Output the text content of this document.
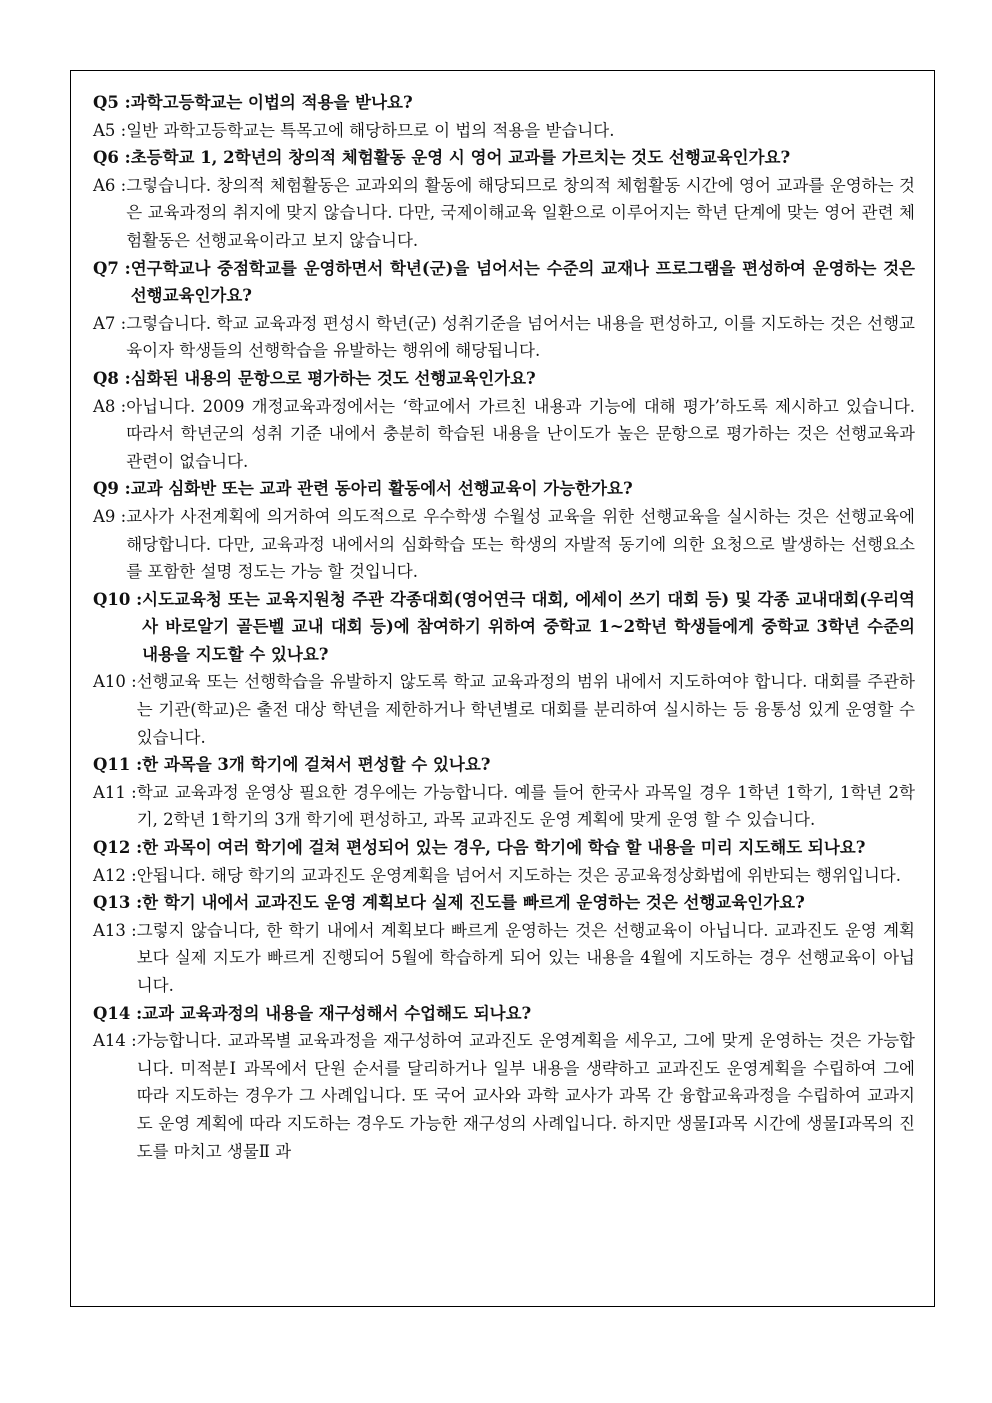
Q5 : 과학고등학교는 이법의 적용을 받나요?
A5 : 일반 과학고등학교는 특목고에 해당하므로 이 법의 적용을 받습니다.
Q6 : 초등학교 1, 2학년의 창의적 체험활동 운영 시 영어 교과를 가르치는 것도 선행교육인가요?
A6 : 그렇습니다. 창의적 체험활동은 교과외의 활동에 해당되므로 창의적 체험활동 시간에 영어 교과를 운영하는 것은 교육과정의 취지에 맞지 않습니다. 다만, 국제이해교육 일환으로 이루어지는 학년 단계에 맞는 영어 관련 체험활동은 선행교육이라고 보지 않습니다.
Q7 : 연구학교나 중점학교를 운영하면서 학년(군)을 넘어서는 수준의 교재나 프로그램을 편성하여 운영하는 것은 선행교육인가요?
A7 : 그렇습니다. 학교 교육과정 편성시 학년(군) 성취기준을 넘어서는 내용을 편성하고, 이를 지도하는 것은 선행교육이자 학생들의 선행학습을 유발하는 행위에 해당됩니다.
Q8 : 심화된 내용의 문항으로 평가하는 것도 선행교육인가요?
A8 : 아닙니다. 2009 개정교육과정에서는 ‘학교에서 가르친 내용과 기능에 대해 평가’하도록 제시하고 있습니다. 따라서 학년군의 성취 기준 내에서 충분히 학습된 내용을 난이도가 높은 문항으로 평가하는 것은 선행교육과 관련이 없습니다.
Q9 : 교과 심화반 또는 교과 관련 동아리 활동에서 선행교육이 가능한가요?
A9 : 교사가 사전계획에 의거하여 의도적으로 우수학생 수월성 교육을 위한 선행교육을 실시하는 것은 선행교육에 해당합니다. 다만, 교육과정 내에서의 심화학습 또는 학생의 자발적 동기에 의한 요청으로 발생하는 선행요소를 포함한 설명 정도는 가능 할 것입니다.
Q10 : 시도교육청 또는 교육지원청 주관 각종대회(영어연극 대회, 에세이 쓰기 대회 등) 및 각종 교내대회(우리역사 바로알기 골든벨 교내 대회 등)에 참여하기 위하여 중학교 1~2학년 학생들에게 중학교 3학년 수준의 내용을 지도할 수 있나요?
A10 : 선행교육 또는 선행학습을 유발하지 않도록 학교 교육과정의 범위 내에서 지도하여야 합니다. 대회를 주관하는 기관(학교)은 출전 대상 학년을 제한하거나 학년별로 대회를 분리하여 실시하는 등 융통성 있게 운영할 수 있습니다.
Q11 : 한 과목을 3개 학기에 걸쳐서 편성할 수 있나요?
A11 : 학교 교육과정 운영상 필요한 경우에는 가능합니다. 예를 들어 한국사 과목일 경우 1학년 1학기, 1학년 2학기, 2학년 1학기의 3개 학기에 편성하고, 과목 교과진도 운영 계획에 맞게 운영 할 수 있습니다.
Q12 : 한 과목이 여러 학기에 걸쳐 편성되어 있는 경우, 다음 학기에 학습 할 내용을 미리 지도해도 되나요?
A12 : 안됩니다. 해당 학기의 교과진도 운영계획을 넘어서 지도하는 것은 공교육정상화법에 위반되는 행위입니다.
Q13 : 한 학기 내에서 교과진도 운영 계획보다 실제 진도를 빠르게 운영하는 것은 선행교육인가요?
A13 : 그렇지 않습니다, 한 학기 내에서 계획보다 빠르게 운영하는 것은 선행교육이 아닙니다. 교과진도 운영 계획보다 실제 지도가 빠르게 진행되어 5월에 학습하게 되어 있는 내용을 4월에 지도하는 경우 선행교육이 아닙니다.
Q14 : 교과 교육과정의 내용을 재구성해서 수업해도 되나요?
A14 : 가능합니다. 교과목별 교육과정을 재구성하여 교과진도 운영계획을 세우고, 그에 맞게 운영하는 것은 가능합니다. 미적분Ⅰ 과목에서 단원 순서를 달리하거나 일부 내용을 생략하고 교과진도 운영계획을 수립하여 그에 따라 지도하는 경우가 그 사례입니다. 또 국어 교사와 과학 교사가 과목 간 융합교육과정을 수립하여 교과지도 운영 계획에 따라 지도하는 경우도 가능한 재구성의 사례입니다. 하지만 생물Ⅰ과목 시간에 생물Ⅰ과목의 진도를 마치고 생물Ⅱ 과
